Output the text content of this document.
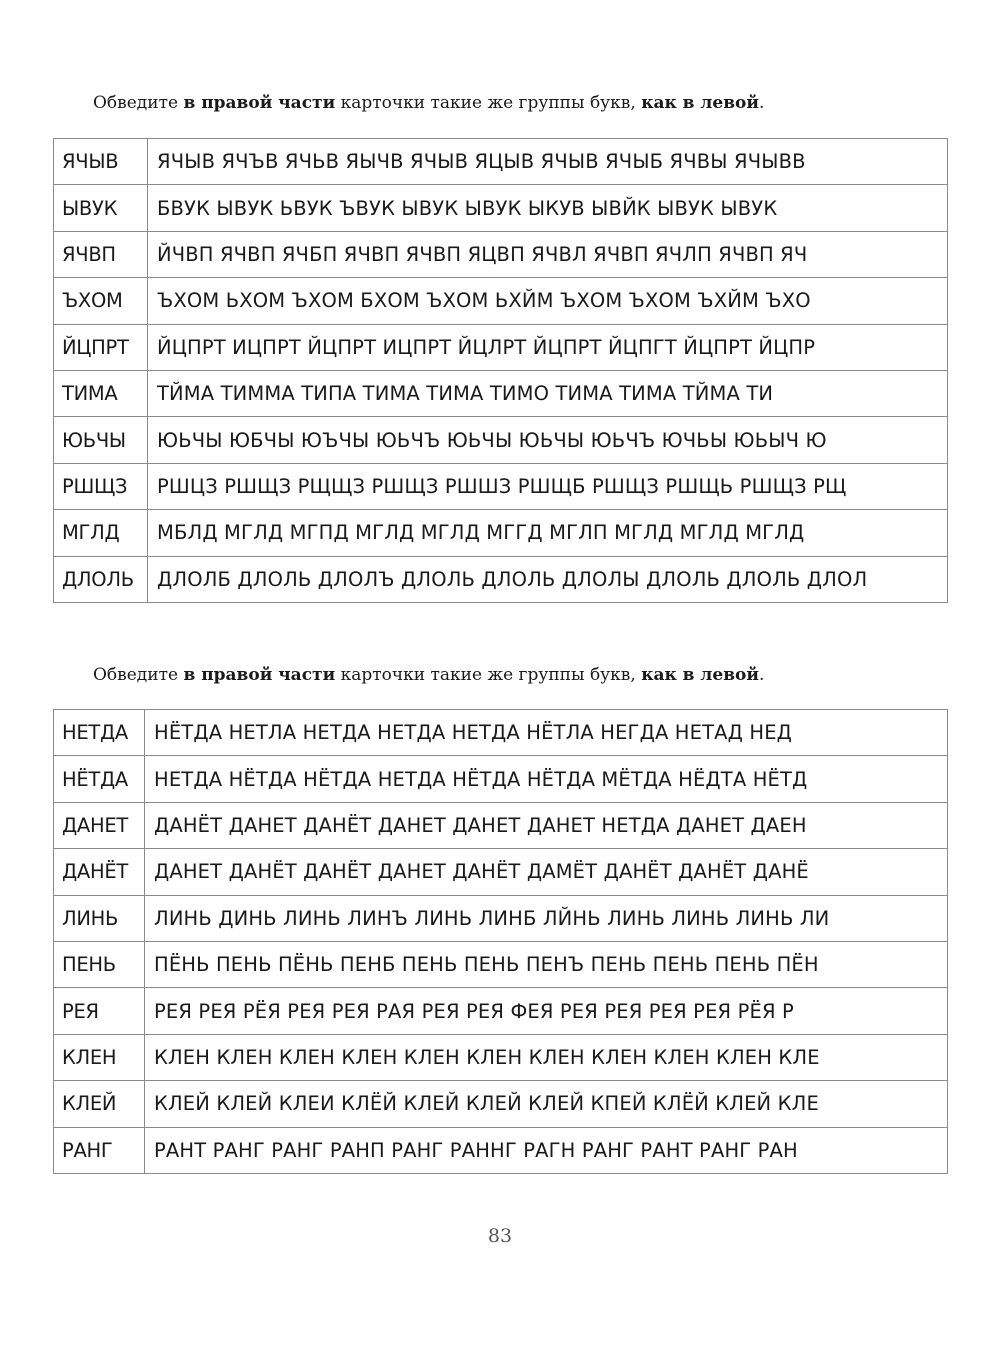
Обведите в правой части карточки такие же группы букв, как в левой.
ЯЧЫВ	ЯЧЫВ ЯЧЪВ ЯЧЬВ ЯЫЧВ ЯЧЫВ ЯЦЫВ ЯЧЫВ ЯЧЫБ ЯЧВЫ ЯЧЫВВ
ЫВУК	БВУК ЫВУК ЬВУК ЪВУК ЫВУК ЫВУК ЫКУВ ЫВЙК ЫВУК ЫВУК
ЯЧВП	ЙЧВП ЯЧВП ЯЧБП ЯЧВП ЯЧВП ЯЦВП ЯЧВЛ ЯЧВП ЯЧЛП ЯЧВП ЯЧ
ЪХОМ	ЪХОМ ЬХОМ ЪХОМ БХОМ ЪХОМ ЬХЙМ ЪХОМ ЪХОМ ЪХЙМ ЪХО
ЙЦПРТ	ЙЦПРТ ИЦПРТ ЙЦПРТ ИЦПРТ ЙЦЛРТ ЙЦПРТ ЙЦПГТ ЙЦПРТ ЙЦПР
ТИМА	ТЙМА ТИММА ТИПА ТИМА ТИМА ТИМО ТИМА ТИМА ТЙМА ТИ
ЮЬЧЫ	ЮЬЧЫ ЮБЧЫ ЮЪЧЫ ЮЬЧЪ ЮЬЧЫ ЮЬЧЫ ЮЬЧЪ ЮЧЬЫ ЮЬЫЧ Ю
РШЩЗ	РШЦЗ РШЩЗ РЩЩЗ РШЩЗ РШШЗ РШЩБ РШЩЗ РШЩЬ РШЩЗ РЩ
МГЛД	МБЛД МГЛД МГПД МГЛД МГЛД МГГД МГЛП МГЛД МГЛД МГЛД
ДЛОЛЬ	ДЛОЛБ ДЛОЛЬ ДЛОЛЪ ДЛОЛЬ ДЛОЛЬ ДЛОЛЫ ДЛОЛЬ ДЛОЛЬ ДЛОЛ
Обведите в правой части карточки такие же группы букв, как в левой.
НЕТДА	НЁТДА НЕТЛА НЕТДА НЕТДА НЕТДА НЁТЛА НЕГДА НЕТАД НЕД
НЁТДА	НЕТДА НЁТДА НЁТДА НЕТДА НЁТДА НЁТДА МЁТДА НЁДТА НЁТД
ДАНЕТ	ДАНЁТ ДАНЕТ ДАНЁТ ДАНЕТ ДАНЕТ ДАНЕТ НЕТДА ДАНЕТ ДАЕН
ДАНЁТ	ДАНЕТ ДАНЁТ ДАНЁТ ДАНЕТ ДАНЁТ ДАМЁТ ДАНЁТ ДАНЁТ ДАНЁ
ЛИНЬ	ЛИНЬ ДИНЬ ЛИНЬ ЛИНЪ ЛИНЬ ЛИНБ ЛЙНЬ ЛИНЬ ЛИНЬ ЛИНЬ ЛИ
ПЕНЬ	ПЁНЬ ПЕНЬ ПЁНЬ ПЕНБ ПЕНЬ ПЕНЬ ПЕНЪ ПЕНЬ ПЕНЬ ПЕНЬ ПЁН
РЕЯ	РЕЯ РЕЯ РЁЯ РЕЯ РЕЯ РАЯ РЕЯ РЕЯ ФЕЯ РЕЯ РЕЯ РЕЯ РЕЯ РЁЯ Р
КЛЕН	КЛЕН КЛЕН КЛЕН КЛЕН КЛЕН КЛЕН КЛЕН КЛЕН КЛЕН КЛЕН КЛЕ
КЛЕЙ	КЛЕЙ КЛЕЙ КЛЕИ КЛЁЙ КЛЕЙ КЛЕЙ КЛЕЙ КПЕЙ КЛЁЙ КЛЕЙ КЛЕ
РАНГ	РАНТ РАНГ РАНГ РАНП РАНГ РАННГ РАГН РАНГ РАНТ РАНГ РАН
83
